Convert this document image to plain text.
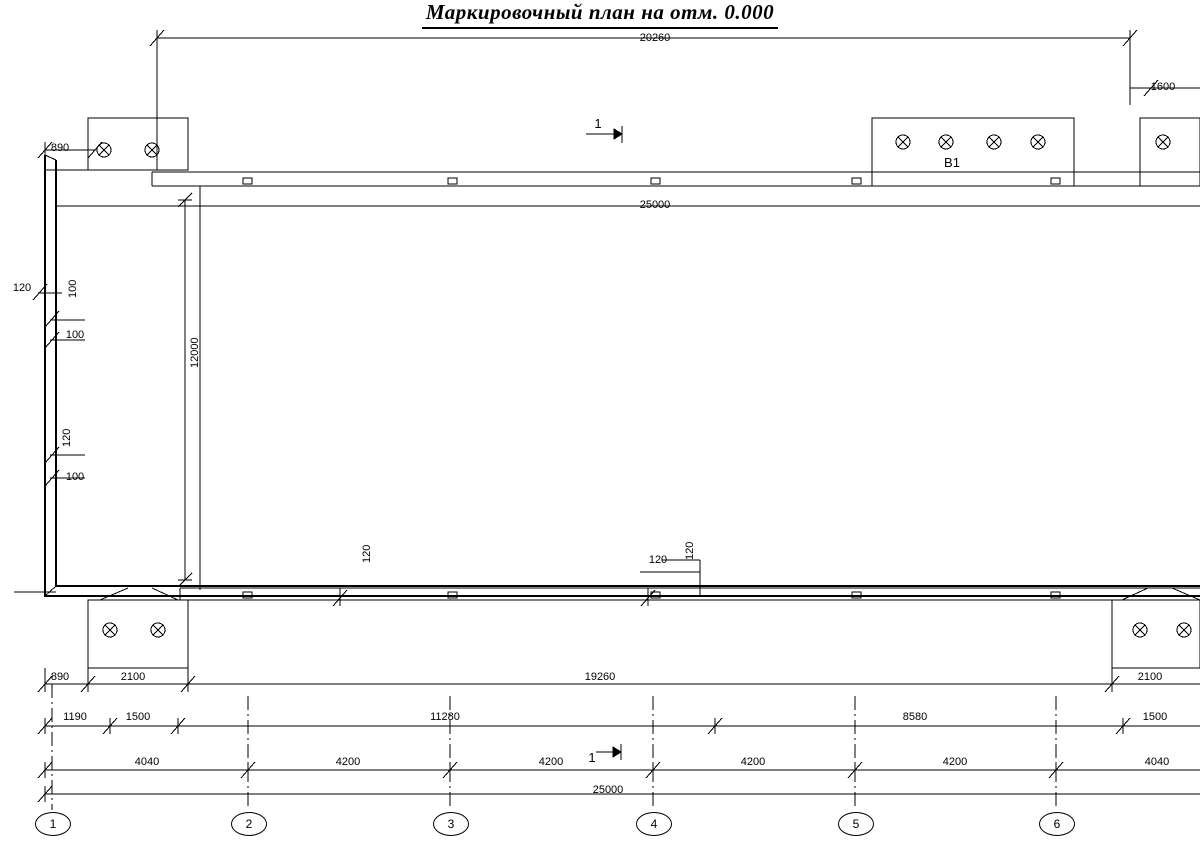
Маркировочный план на отм. 0.000
20260
1600
25000
890
120
100
100
120
100
12000
120	120 120
890	2100	19260	2100
1190	1500	11280	8580	1500
4040	4200	4200	4200	4200	4040
25000
1	2	3	4	5	6
1
1
В1
